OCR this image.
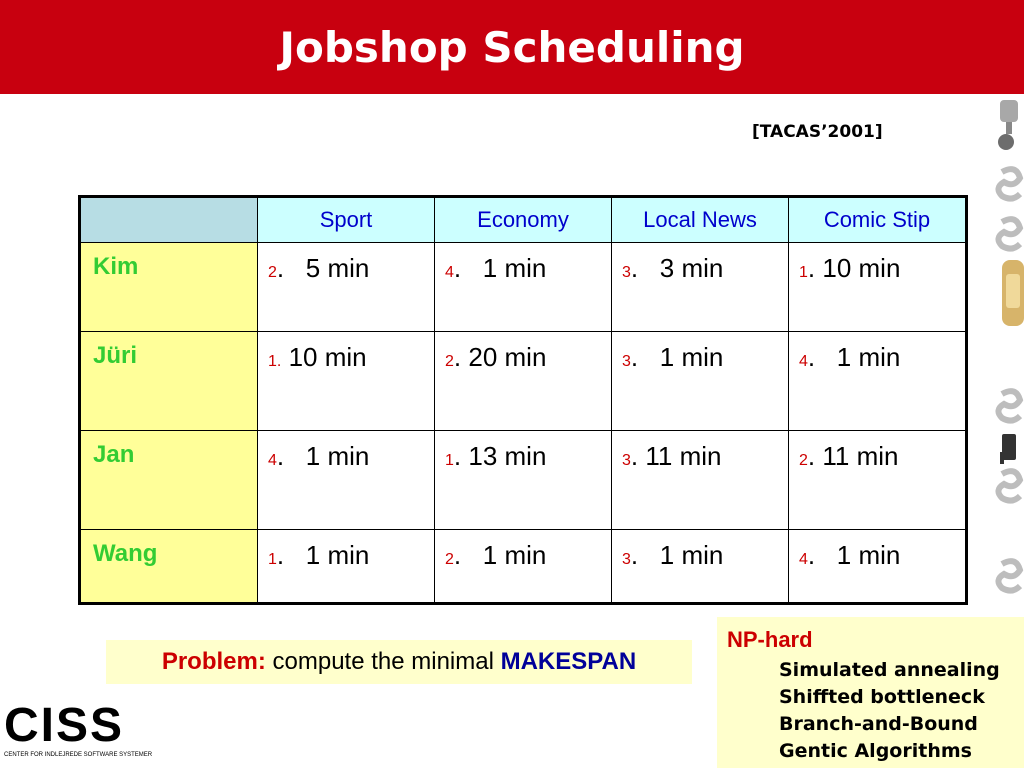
Jobshop Scheduling
[TACAS’2001]
	Sport	Economy	Local News	Comic Stip
Kim	2.   5 min	4.   1 min	3.   3 min	1. 10 min
Jüri	1. 10 min	2. 20 min	3.   1 min	4.   1 min
Jan	4.   1 min	1. 13 min	3. 11 min	2. 11 min
Wang	1.   1 min	2.   1 min	3.   1 min	4.   1 min
Problem: compute the minimal MAKESPAN
NP-hard
Simulated annealing
Shiffted bottleneck
Branch-and-Bound
Gentic Algorithms
CISS
CENTER FOR INDLEJREDE SOFTWARE SYSTEMER
